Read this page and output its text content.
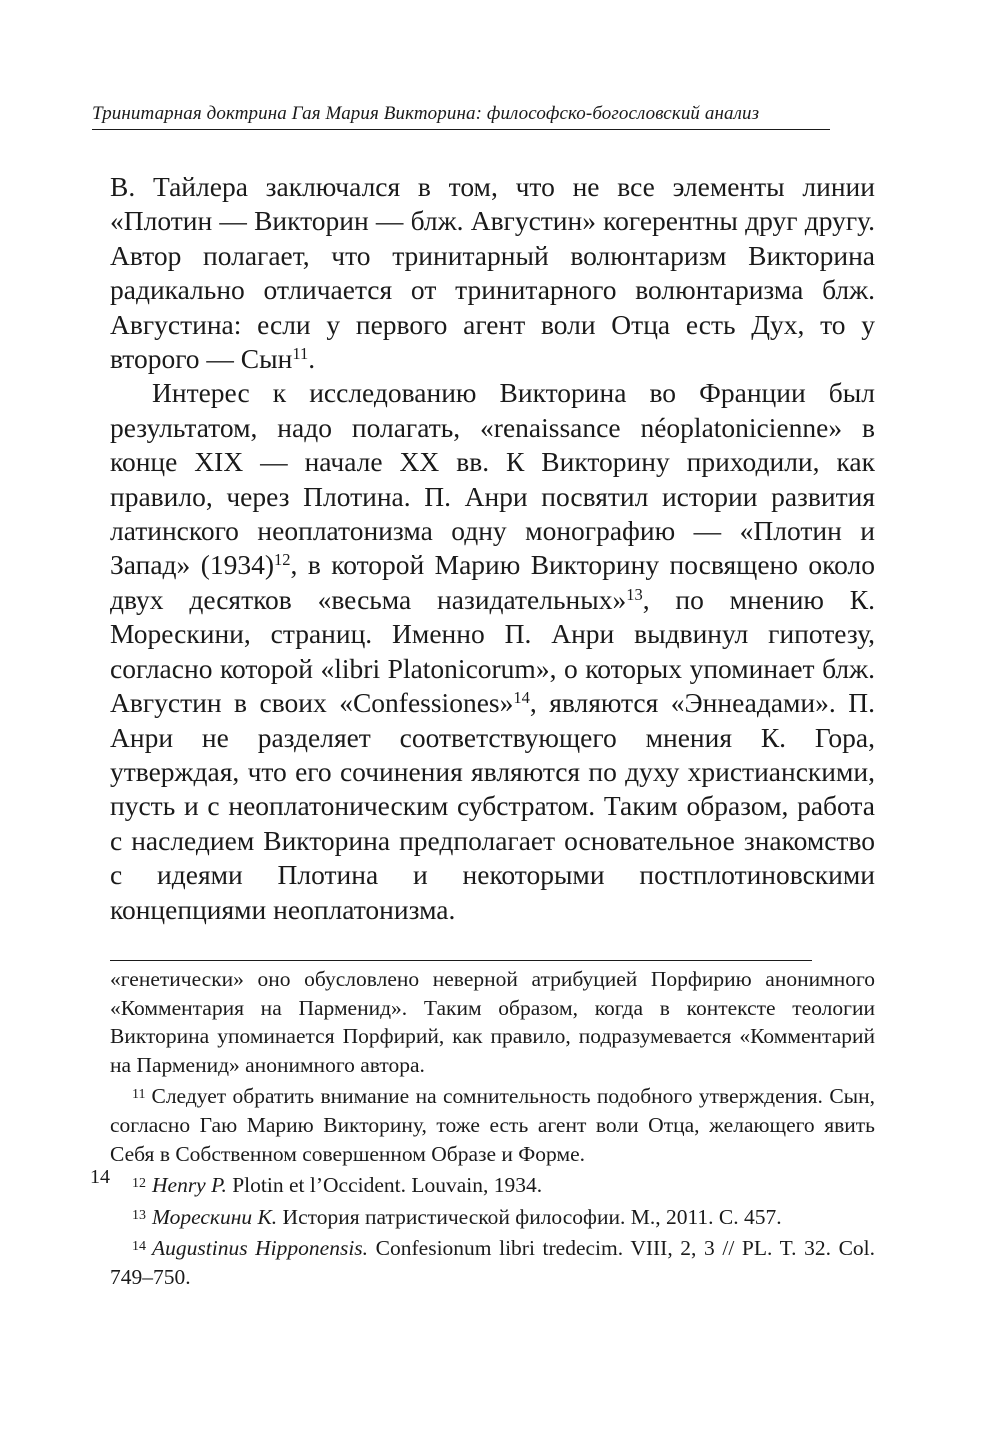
Тринитарная доктрина Гая Мария Викторина: философско-богословский анализ

В. Тайлера заключался в том, что не все элементы линии «Плотин — Викторин — блж. Августин» когерентны друг другу. Автор полагает, что тринитарный волюнтаризм Викторина радикально отличается от тринитарного волюнтаризма блж. Августина: если у первого агент воли Отца есть Дух, то у второго — Сын$^{11}$.

Интерес к исследованию Викторина во Франции был результатом, надо полагать, «renaissance néoplatonicienne» в конце XIX — начале XX вв. К Викторину приходили, как правило, через Плотина. П. Анри посвятил истории развития латинского неоплатонизма одну монографию — «Плотин и Запад» $(1934)^{12}$, в которой Марию Викторину посвящено около двух десятков «весьма назидательных»$^{13}$, по мнению К. Морескини, страниц. Именно П. Анри выдвинул гипотезу, согласно которой «libri Platonicorum», о которых упоминает блж. Августин в своих «Confessiones»$^{14}$, являются «Эннеадами». П. Анри не разделяет соответствующего мнения К. Гора, утверждая, что его сочинения являются по духу христианскими, пусть и с неоплатоническим субстратом. Таким образом, работа с наследием Викторина предполагает основательное знакомство с идеями Плотина и некоторыми постплотиновскими концепциями неоплатонизма.

«генетически» оно обусловлено неверной атрибуцией Порфирию анонимного «Комментария на Парменид». Таким образом, когда в контексте теологии Викторина упоминается Порфирий, как правило, подразумевается «Комментарий на Парменид» анонимного автора.

$^{11}$ Следует обратить внимание на сомнительность подобного утверждения. Сын, согласно Гаю Марию Викторину, тоже есть агент воли Отца, желающего явить Себя в Собственном совершенном Образе и Форме.

$^{12}$ Henry P. Plotin et l’Occident. Louvain, 1934.

$^{13}$ Морескини К. История патристической философии. М., 2011. С. 457.

$^{14}$ Augustinus Hipponensis. Confesionum libri tredecim. VIII, 2, 3 // PL. T. 32. Col. 749–750.

14
